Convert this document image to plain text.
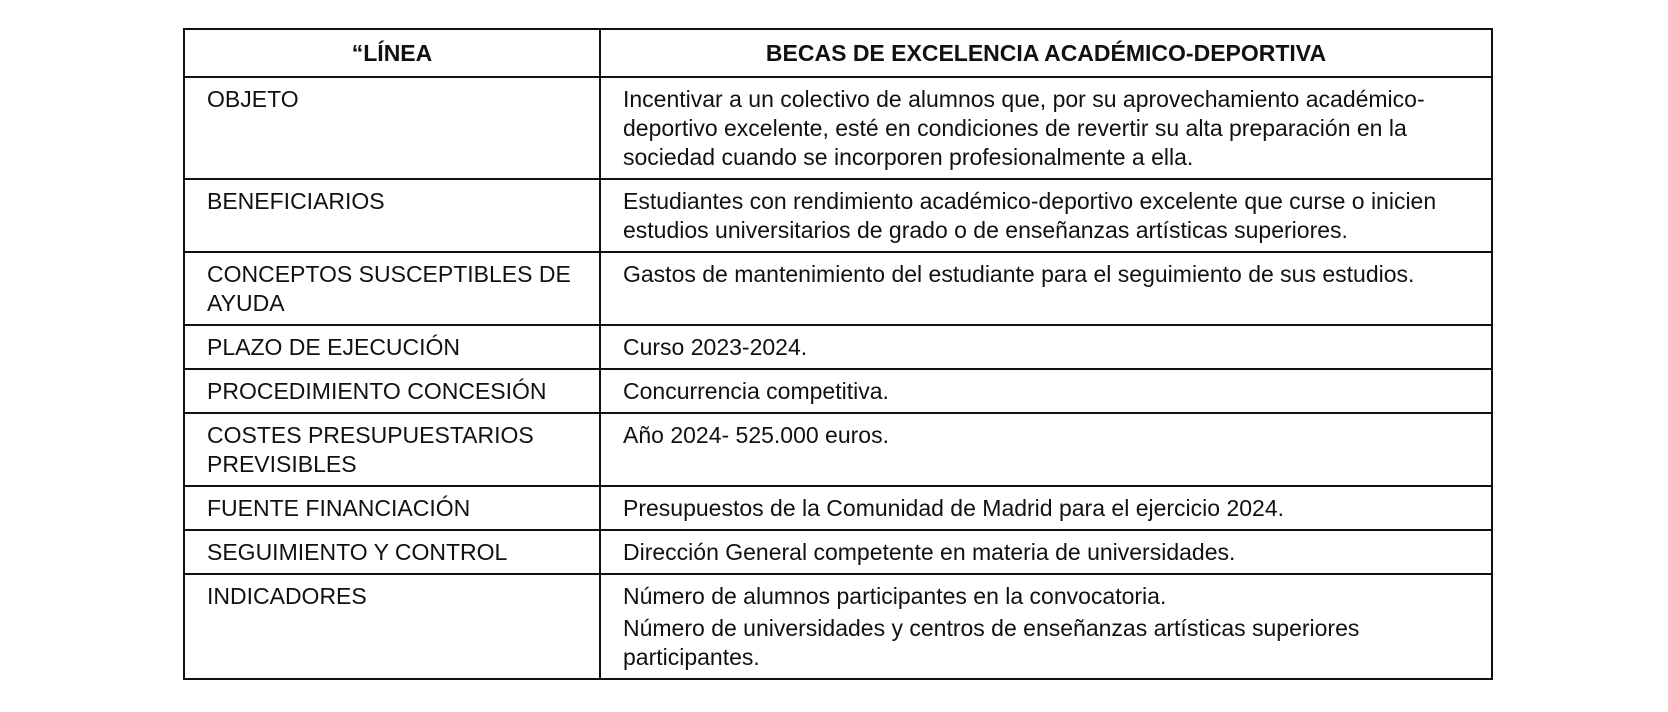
“LÍNEA	BECAS DE EXCELENCIA ACADÉMICO-DEPORTIVA

OBJETO	Incentivar a un colectivo de alumnos que, por su aprovechamiento académico-deportivo excelente, esté en condiciones de revertir su alta preparación en la sociedad cuando se incorporen profesionalmente a ella.

BENEFICIARIOS	Estudiantes con rendimiento académico-deportivo excelente que curse o inicien estudios universitarios de grado o de enseñanzas artísticas superiores.

CONCEPTOS SUSCEPTIBLES DE AYUDA	Gastos de mantenimiento del estudiante para el seguimiento de sus estudios.

PLAZO DE EJECUCIÓN	Curso 2023-2024.

PROCEDIMIENTO CONCESIÓN	Concurrencia competitiva.

COSTES PRESUPUESTARIOS PREVISIBLES	Año 2024- 525.000 euros.

FUENTE FINANCIACIÓN	Presupuestos de la Comunidad de Madrid para el ejercicio 2024.

SEGUIMIENTO Y CONTROL	Dirección General competente en materia de universidades.

INDICADORES	Número de alumnos participantes en la convocatoria.
Número de universidades y centros de enseñanzas artísticas superiores participantes.
